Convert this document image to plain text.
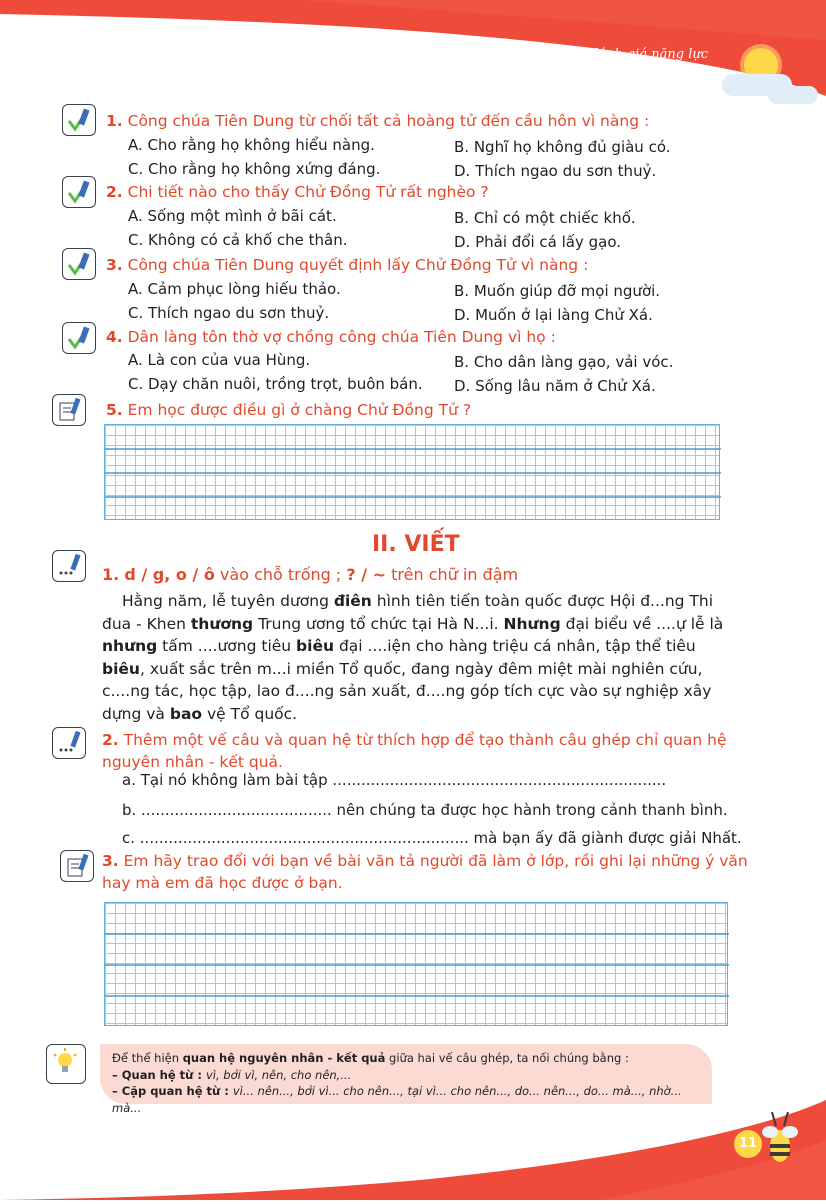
Bộ đề kiểm tra, đánh giá năng lực
Tiếng Việt 5, tập 2
1. Công chúa Tiên Dung từ chối tất cả hoàng tử đến cầu hôn vì nàng :
A. Cho rằng họ không hiểu nàng.	B. Nghĩ họ không đủ giàu có.
C. Cho rằng họ không xứng đáng.	D. Thích ngao du sơn thuỷ.
2. Chi tiết nào cho thấy Chử Đồng Tử rất nghèo ?
A. Sống một mình ở bãi cát.	B. Chỉ có một chiếc khố.
C. Không có cả khố che thân.	D. Phải đổi cá lấy gạo.
3. Công chúa Tiên Dung quyết định lấy Chử Đồng Tử vì nàng :
A. Cảm phục lòng hiếu thảo.	B. Muốn giúp đỡ mọi người.
C. Thích ngao du sơn thuỷ.	D. Muốn ở lại làng Chử Xá.
4. Dân làng tôn thờ vợ chồng công chúa Tiên Dung vì họ :
A. Là con của vua Hùng.	B. Cho dân làng gạo, vải vóc.
C. Dạy chăn nuôi, trồng trọt, buôn bán. D. Sống lâu năm ở Chử Xá.
5. Em học được điều gì ở chàng Chử Đồng Tử ?
II. VIẾT
1. d / g, o / ô vào chỗ trống ; ? / ~ trên chữ in đậm
Hằng năm, lễ tuyên dương điên hình tiên tiến toàn quốc được Hội đ...ng Thi đua - Khen thương Trung ương tổ chức tại Hà N...i. Nhưng đại biểu về ....ự lễ là nhưng tấm ....ương tiêu biêu đại ....iện cho hàng triệu cá nhân, tập thể tiêu biêu, xuất sắc trên m...i miền Tổ quốc, đang ngày đêm miệt mài nghiên cứu, c....ng tác, học tập, lao đ....ng sản xuất, đ....ng góp tích cực vào sự nghiệp xây dựng và bao vệ Tổ quốc.
2. Thêm một vế câu và quan hệ từ thích hợp để tạo thành câu ghép chỉ quan hệ
nguyên nhân - kết quả.
a. Tại nó không làm bài tập ......................................................................
b. ........................................ nên chúng ta được học hành trong cảnh thanh bình.
c. ..................................................................... mà bạn ấy đã giành được giải Nhất.
3. Em hãy trao đổi với bạn về bài văn tả người đã làm ở lớp, rồi ghi lại những ý văn
hay mà em đã học được ở bạn.
Để thể hiện quan hệ nguyên nhân - kết quả giữa hai vế câu ghép, ta nối chúng bằng :
– Quan hệ từ : vì, bởi vì, nên, cho nên,...
– Cặp quan hệ từ : vì... nên..., bởi vì... cho nên..., tại vì... cho nên..., do... nên..., do... mà..., nhờ... mà...
11
